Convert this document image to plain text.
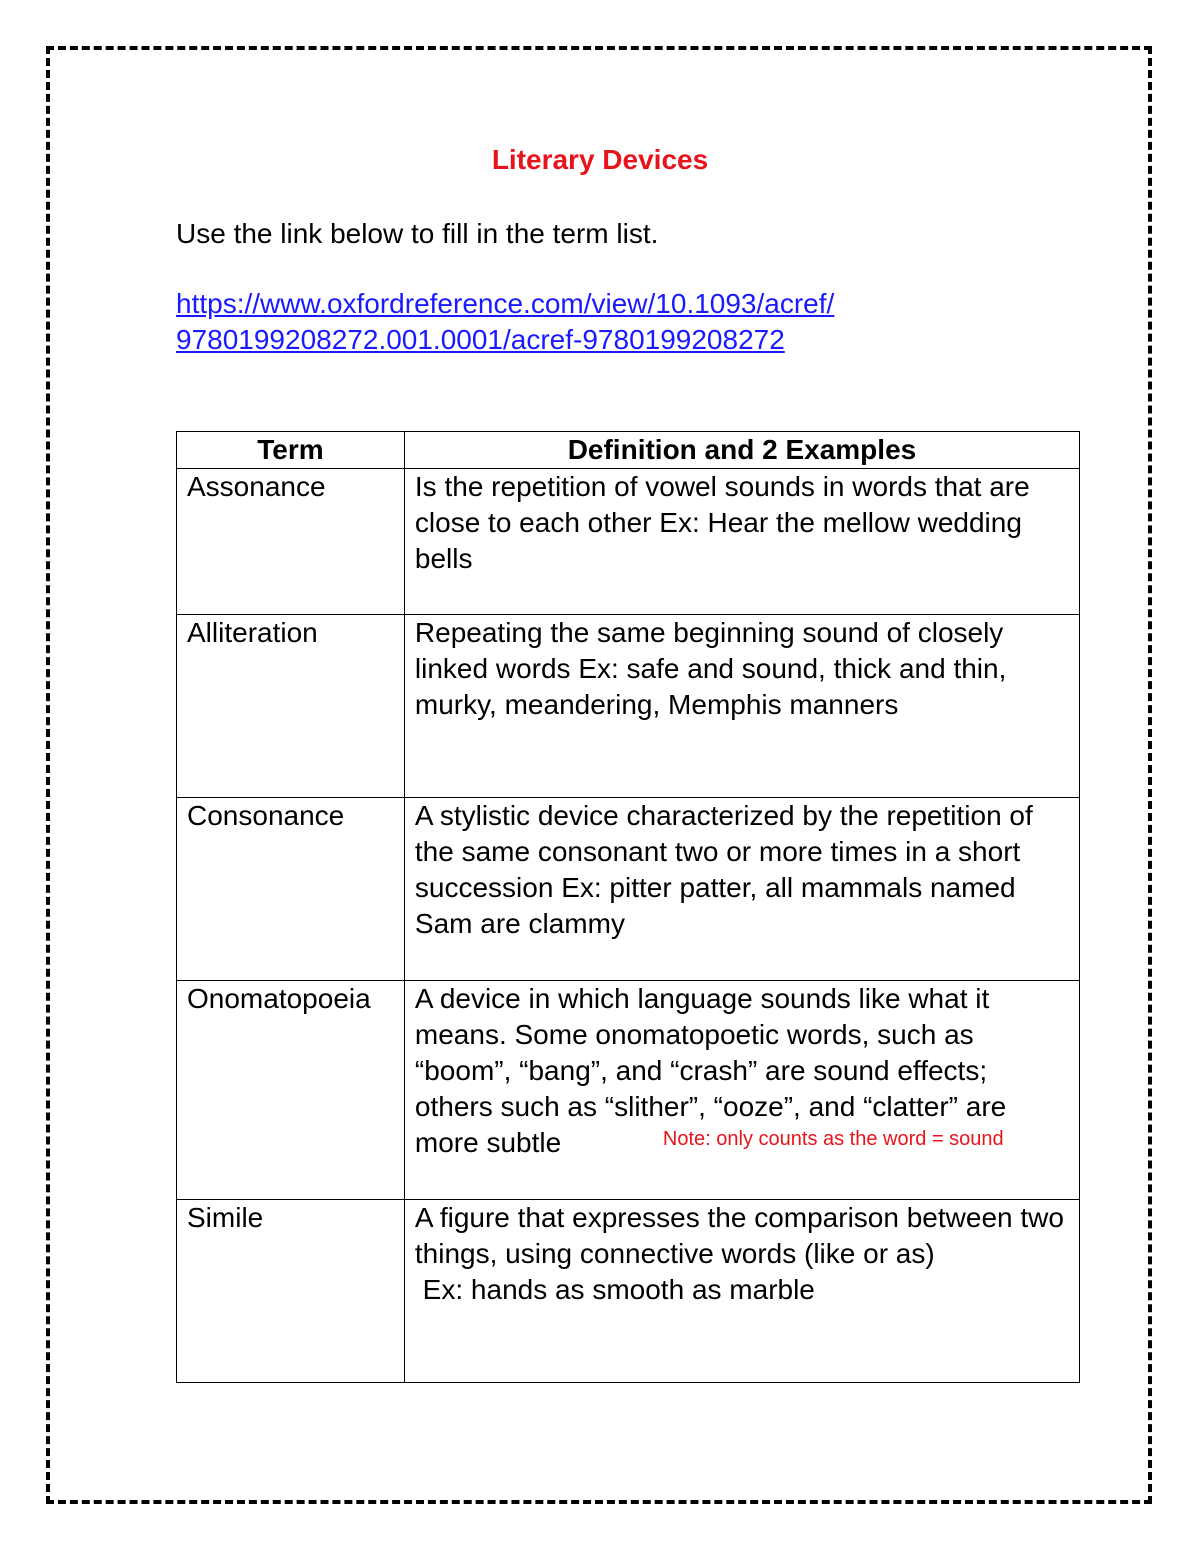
Literary Devices
Use the link below to fill in the term list.
https://www.oxfordreference.com/view/10.1093/acref/
9780199208272.001.0001/acref-9780199208272
Term	Definition and 2 Examples
Assonance	Is the repetition of vowel sounds in words that are close to each other Ex: Hear the mellow wedding bells
Alliteration	Repeating the same beginning sound of closely linked words Ex: safe and sound, thick and thin, murky, meandering, Memphis manners
Consonance	A stylistic device characterized by the repetition of the same consonant two or more times in a short succession Ex: pitter patter, all mammals named Sam are clammy
Onomatopoeia	A device in which language sounds like what it means. Some onomatopoetic words, such as “boom”, “bang”, and “crash” are sound effects; others such as “slither”, “ooze”, and “clatter” are more subtle Note: only counts as the word = sound

Simile	A figure that expresses the comparison between two things, using connective words (like or as)
Ex: hands as smooth as marble
